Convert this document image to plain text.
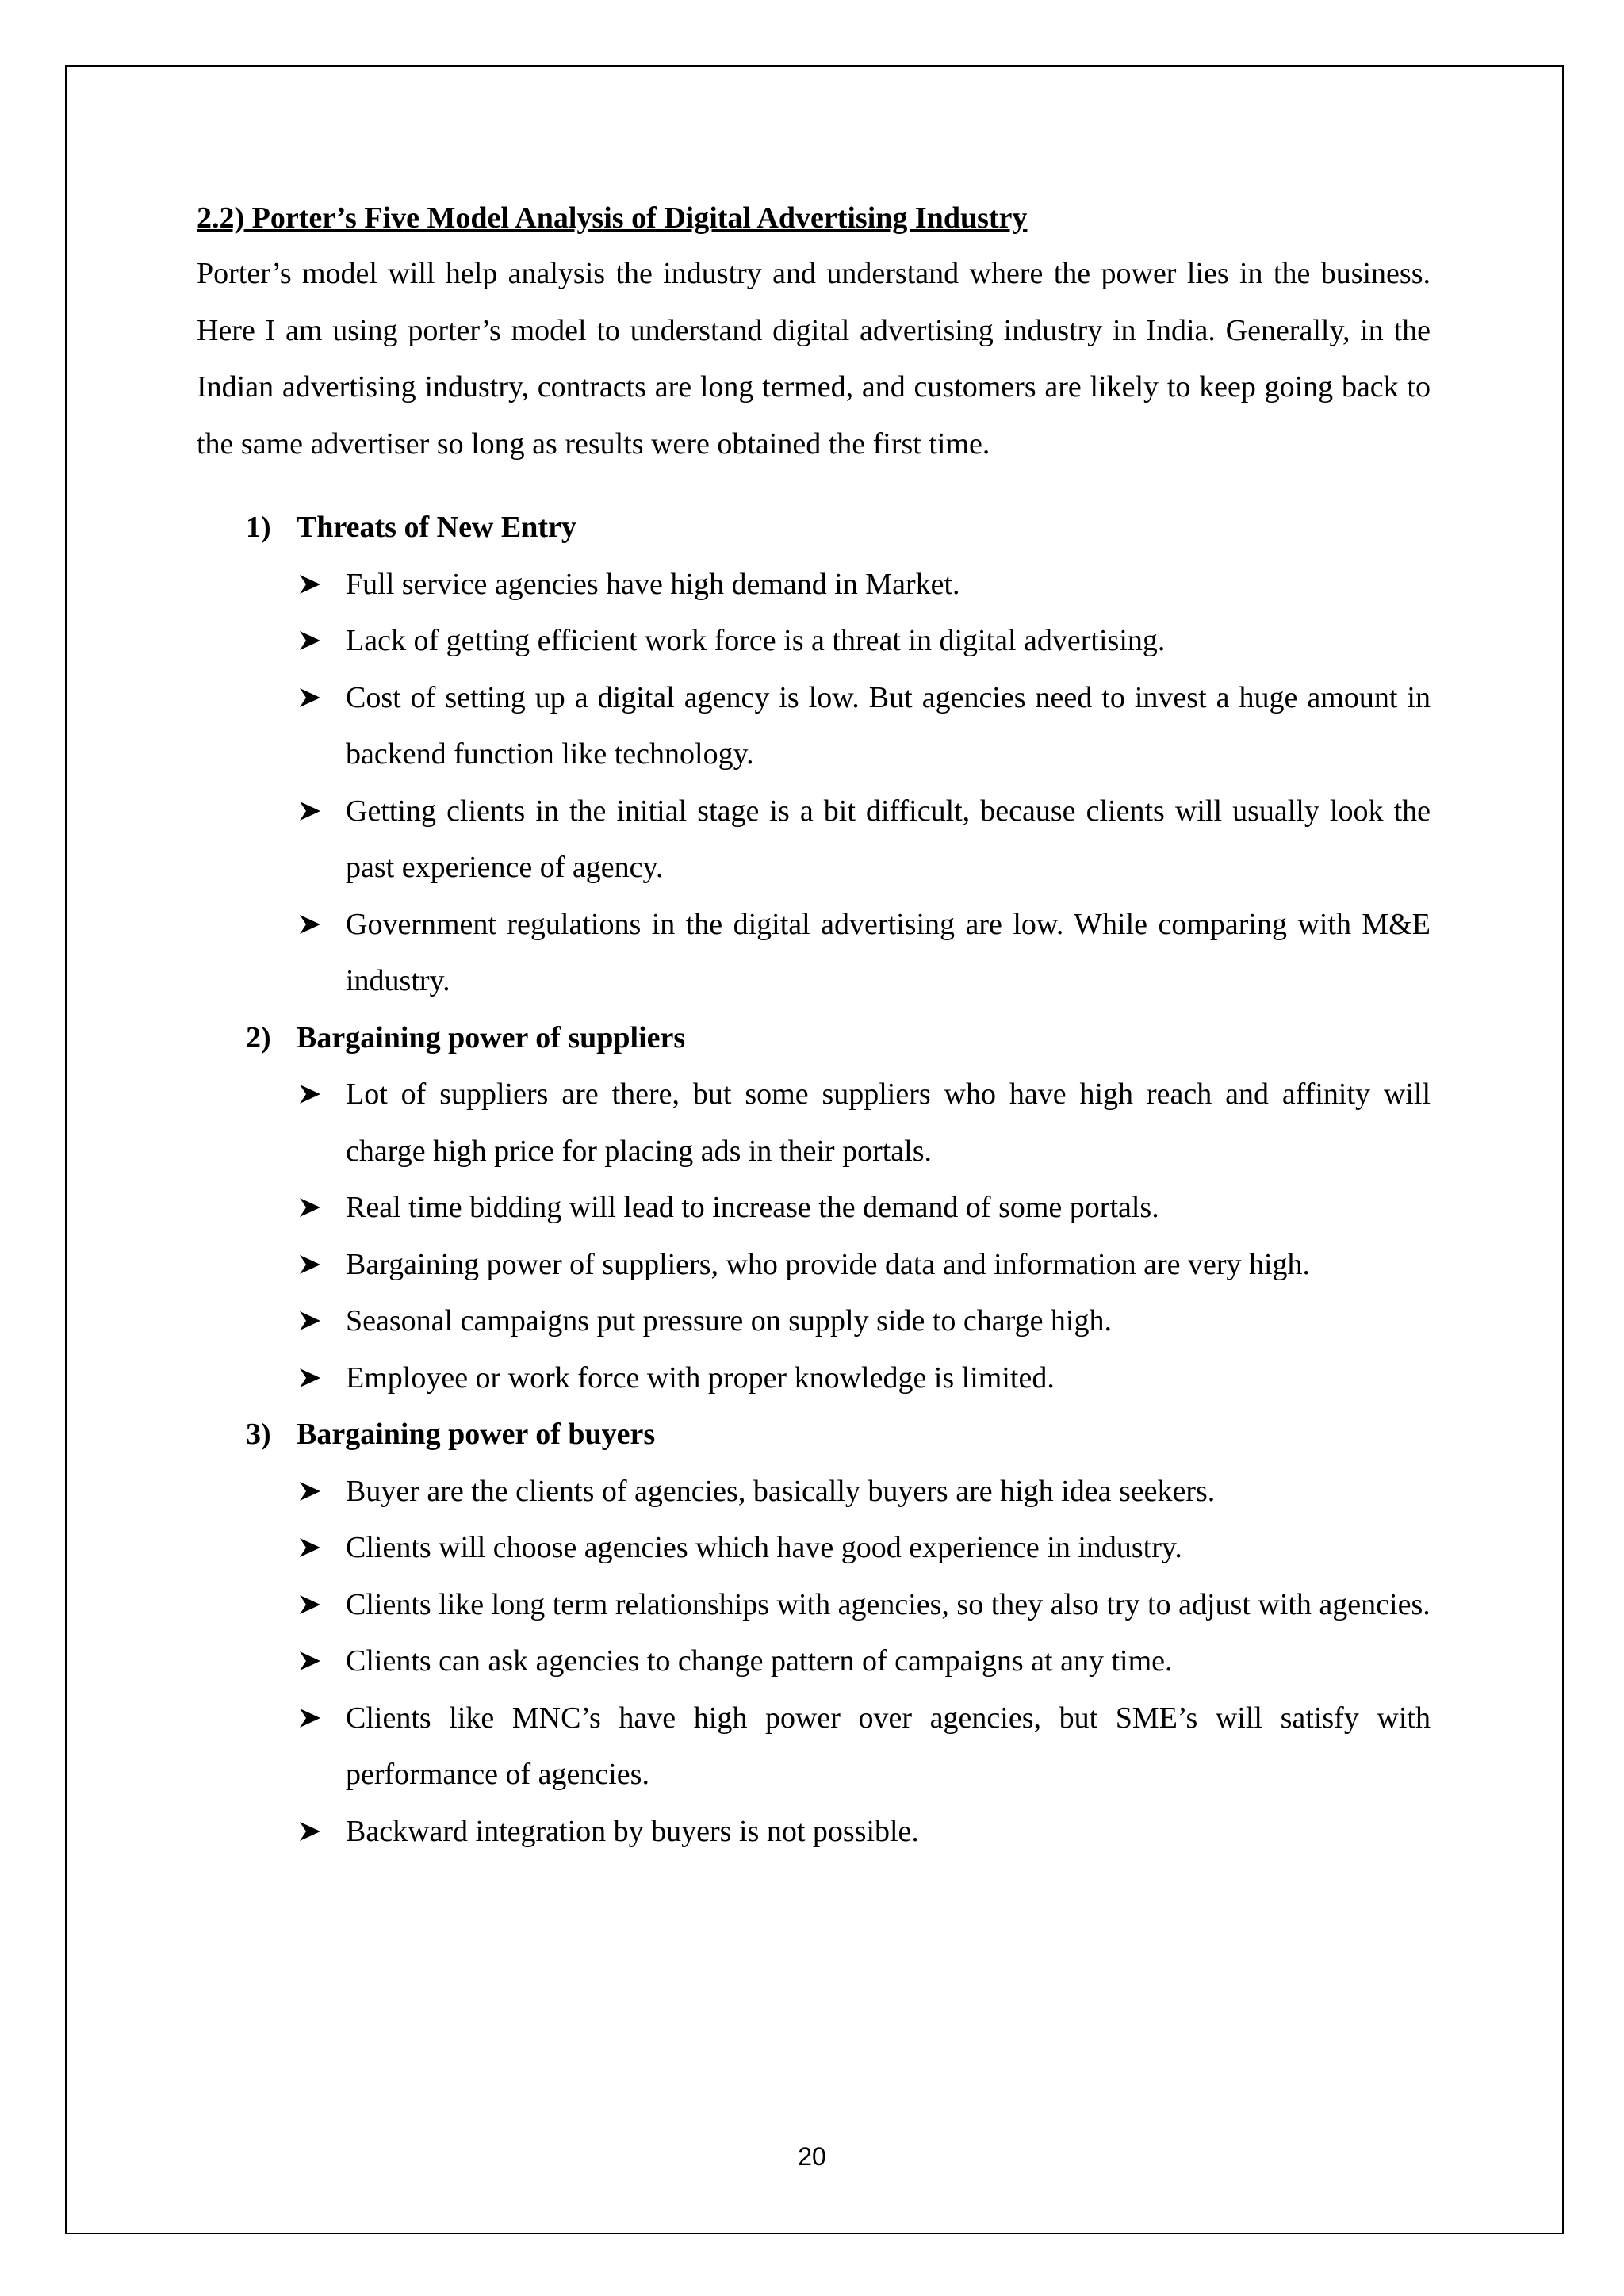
2.2) Porter’s Five Model Analysis of Digital Advertising Industry

Porter’s model will help analysis the industry and understand where the power lies in the business. Here I am using porter’s model to understand digital advertising industry in India. Generally, in the Indian advertising industry, contracts are long termed, and customers are likely to keep going back to the same advertiser so long as results were obtained the first time.

1) Threats of New Entry
Full service agencies have high demand in Market.
Lack of getting efficient work force is a threat in digital advertising.
Cost of setting up a digital agency is low. But agencies need to invest a huge amount in backend function like technology.
Getting clients in the initial stage is a bit difficult, because clients will usually look the past experience of agency.
Government regulations in the digital advertising are low. While comparing with M&E industry.
2) Bargaining power of suppliers
Lot of suppliers are there, but some suppliers who have high reach and affinity will charge high price for placing ads in their portals.
Real time bidding will lead to increase the demand of some portals.
Bargaining power of suppliers, who provide data and information are very high.
Seasonal campaigns put pressure on supply side to charge high.
Employee or work force with proper knowledge is limited.
3) Bargaining power of buyers
Buyer are the clients of agencies, basically buyers are high idea seekers.
Clients will choose agencies which have good experience in industry.
Clients like long term relationships with agencies, so they also try to adjust with agencies.
Clients can ask agencies to change pattern of campaigns at any time.
Clients like MNC’s have high power over agencies, but SME’s will satisfy with performance of agencies.
Backward integration by buyers is not possible.
20
